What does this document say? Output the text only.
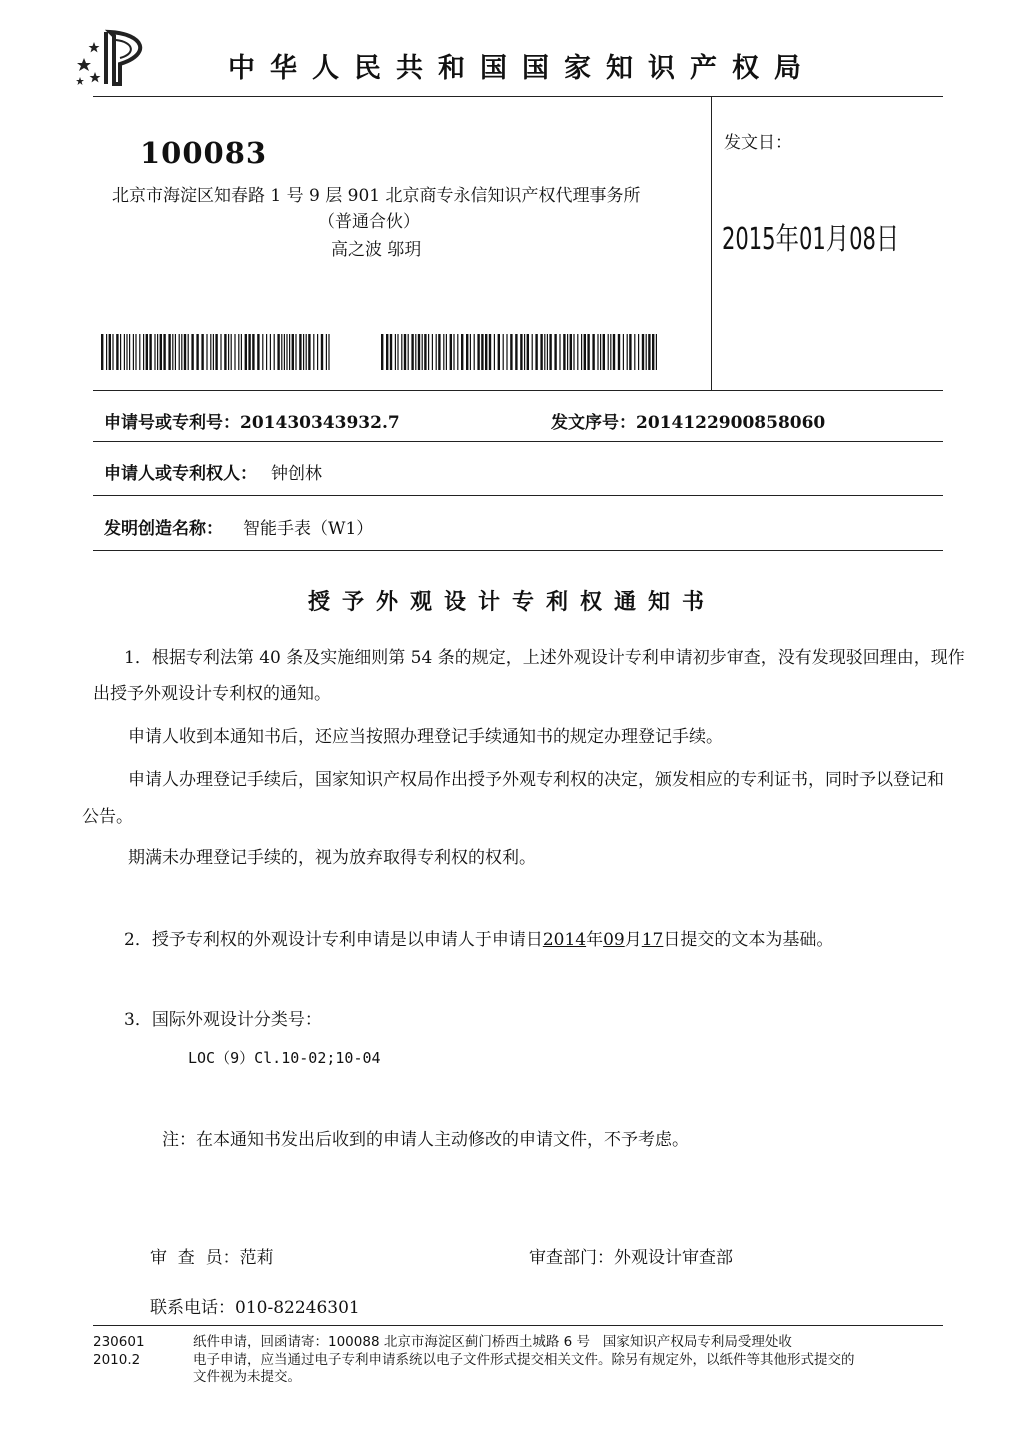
中华人民共和国国家知识产权局
100083
北京市海淀区知春路 1 号 9 层 901 北京商专永信知识产权代理事务所
（普通合伙）
高之波 邬玥
发文日：
2015年01月08日
申请号或专利号：201430343932.7	发文序号：2014122900858060
申请人或专利权人： 钟创林
发明创造名称： 智能手表（W1）
授予外观设计专利权通知书
1．根据专利法第 40 条及实施细则第 54 条的规定，上述外观设计专利申请初步审查，没有发现驳回理由，现作
出授予外观设计专利权的通知。
申请人收到本通知书后，还应当按照办理登记手续通知书的规定办理登记手续。
申请人办理登记手续后，国家知识产权局作出授予外观专利权的决定，颁发相应的专利证书，同时予以登记和
公告。
期满未办理登记手续的，视为放弃取得专利权的权利。
2．授予专利权的外观设计专利申请是以申请人于申请日2014年09月17日提交的文本为基础。
3．国际外观设计分类号：
LOC（9）Cl.10-02;10-04
注：在本通知书发出后收到的申请人主动修改的申请文件，不予考虑。
审  查  员：范莉	审查部门：外观设计审查部
联系电话：010-82246301
230601
2010.2
纸件申请，回函请寄：100088 北京市海淀区蓟门桥西土城路 6 号   国家知识产权局专利局受理处收
电子申请，应当通过电子专利申请系统以电子文件形式提交相关文件。除另有规定外，以纸件等其他形式提交的
文件视为未提交。
